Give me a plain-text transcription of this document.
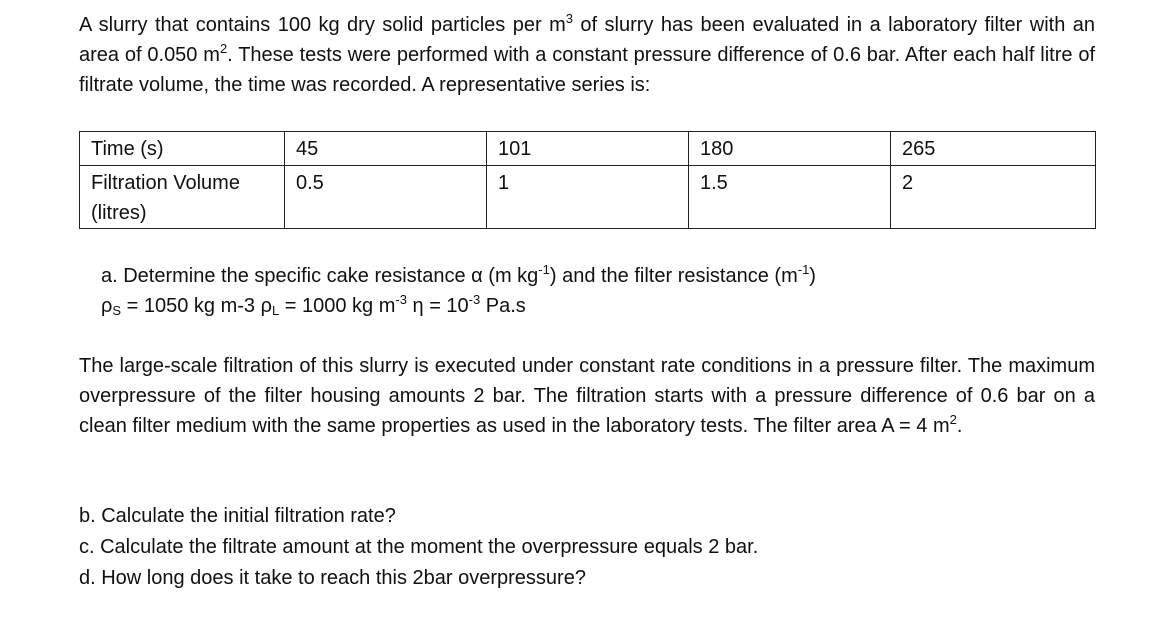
A slurry that contains 100 kg dry solid particles per $m^3$ of slurry has been evaluated in a laboratory filter with an area of 0.050 $m^2$. These tests were performed with a constant pressure difference of 0.6 bar. After each half litre of filtrate volume, the time was recorded. A representative series is:

Time (s)	45	101	180	265
Filtration Volume (litres)	0.5	1	1.5	2

a. Determine the specific cake resistance α (m $kg^{-1}$) and the filter resistance $(m^{-1})$

$\rho_S = 1050$ kg m-3 $\rho_L = 1000$ kg $m^{-3}$ $\eta = 10^{-3}$ Pa.s

The large-scale filtration of this slurry is executed under constant rate conditions in a pressure filter. The maximum overpressure of the filter housing amounts 2 bar. The filtration starts with a pressure difference of 0.6 bar on a clean filter medium with the same properties as used in the laboratory tests. The filter area A = 4 $m^2$.

b. Calculate the initial filtration rate?

c. Calculate the filtrate amount at the moment the overpressure equals 2 bar.

d. How long does it take to reach this 2bar overpressure?
